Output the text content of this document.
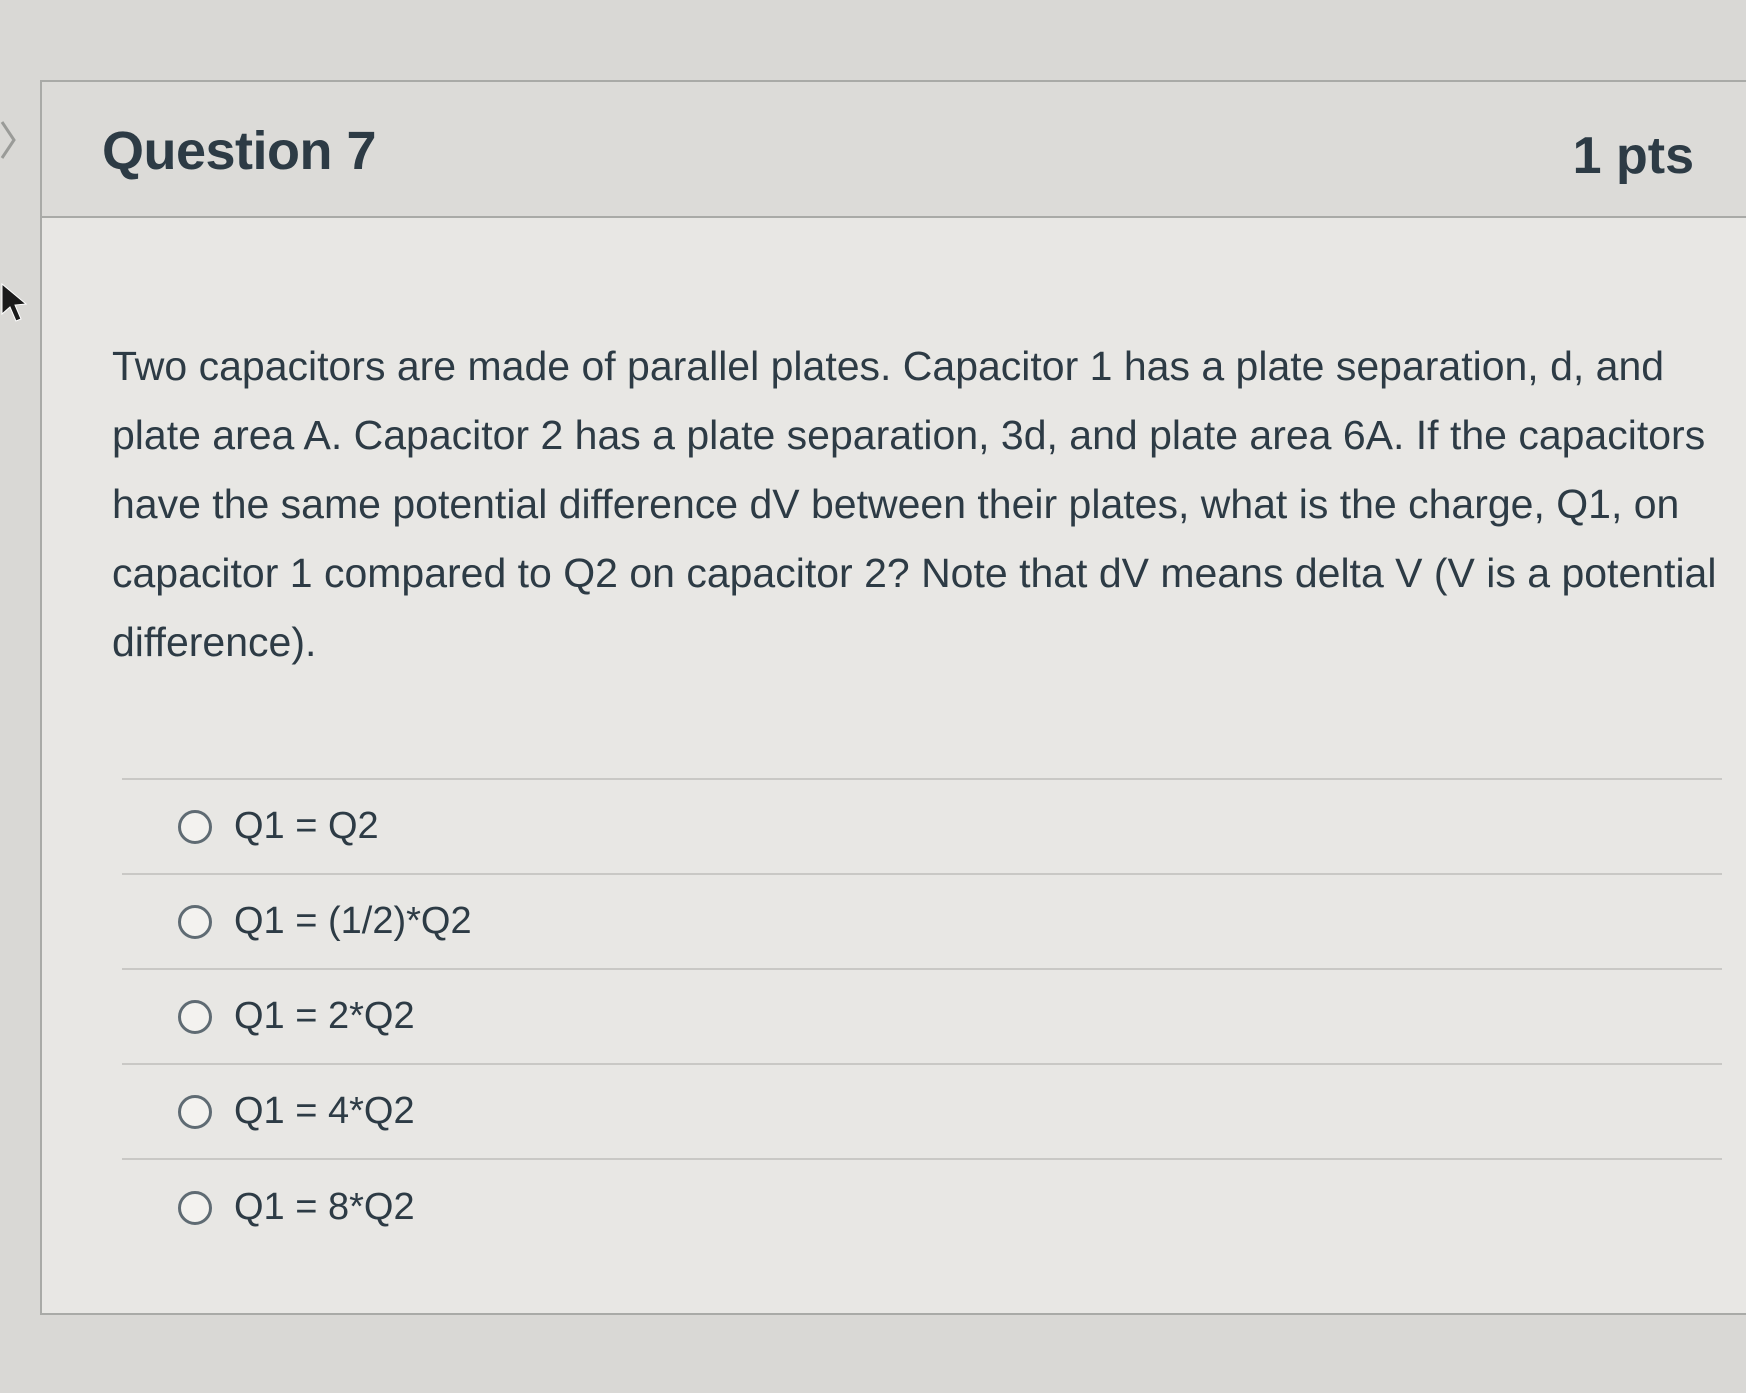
Question 7	1 pts

Two capacitors are made of parallel plates. Capacitor 1 has a plate separation, d, and plate area A. Capacitor 2 has a plate separation, 3d, and plate area 6A. If the capacitors have the same potential difference dV between their plates, what is the charge, Q1, on capacitor 1 compared to Q2 on capacitor 2? Note that dV means delta V (V is a potential difference).

Q1 = Q2
Q1 = (1/2)*Q2
Q1 = 2*Q2
Q1 = 4*Q2
Q1 = 8*Q2
